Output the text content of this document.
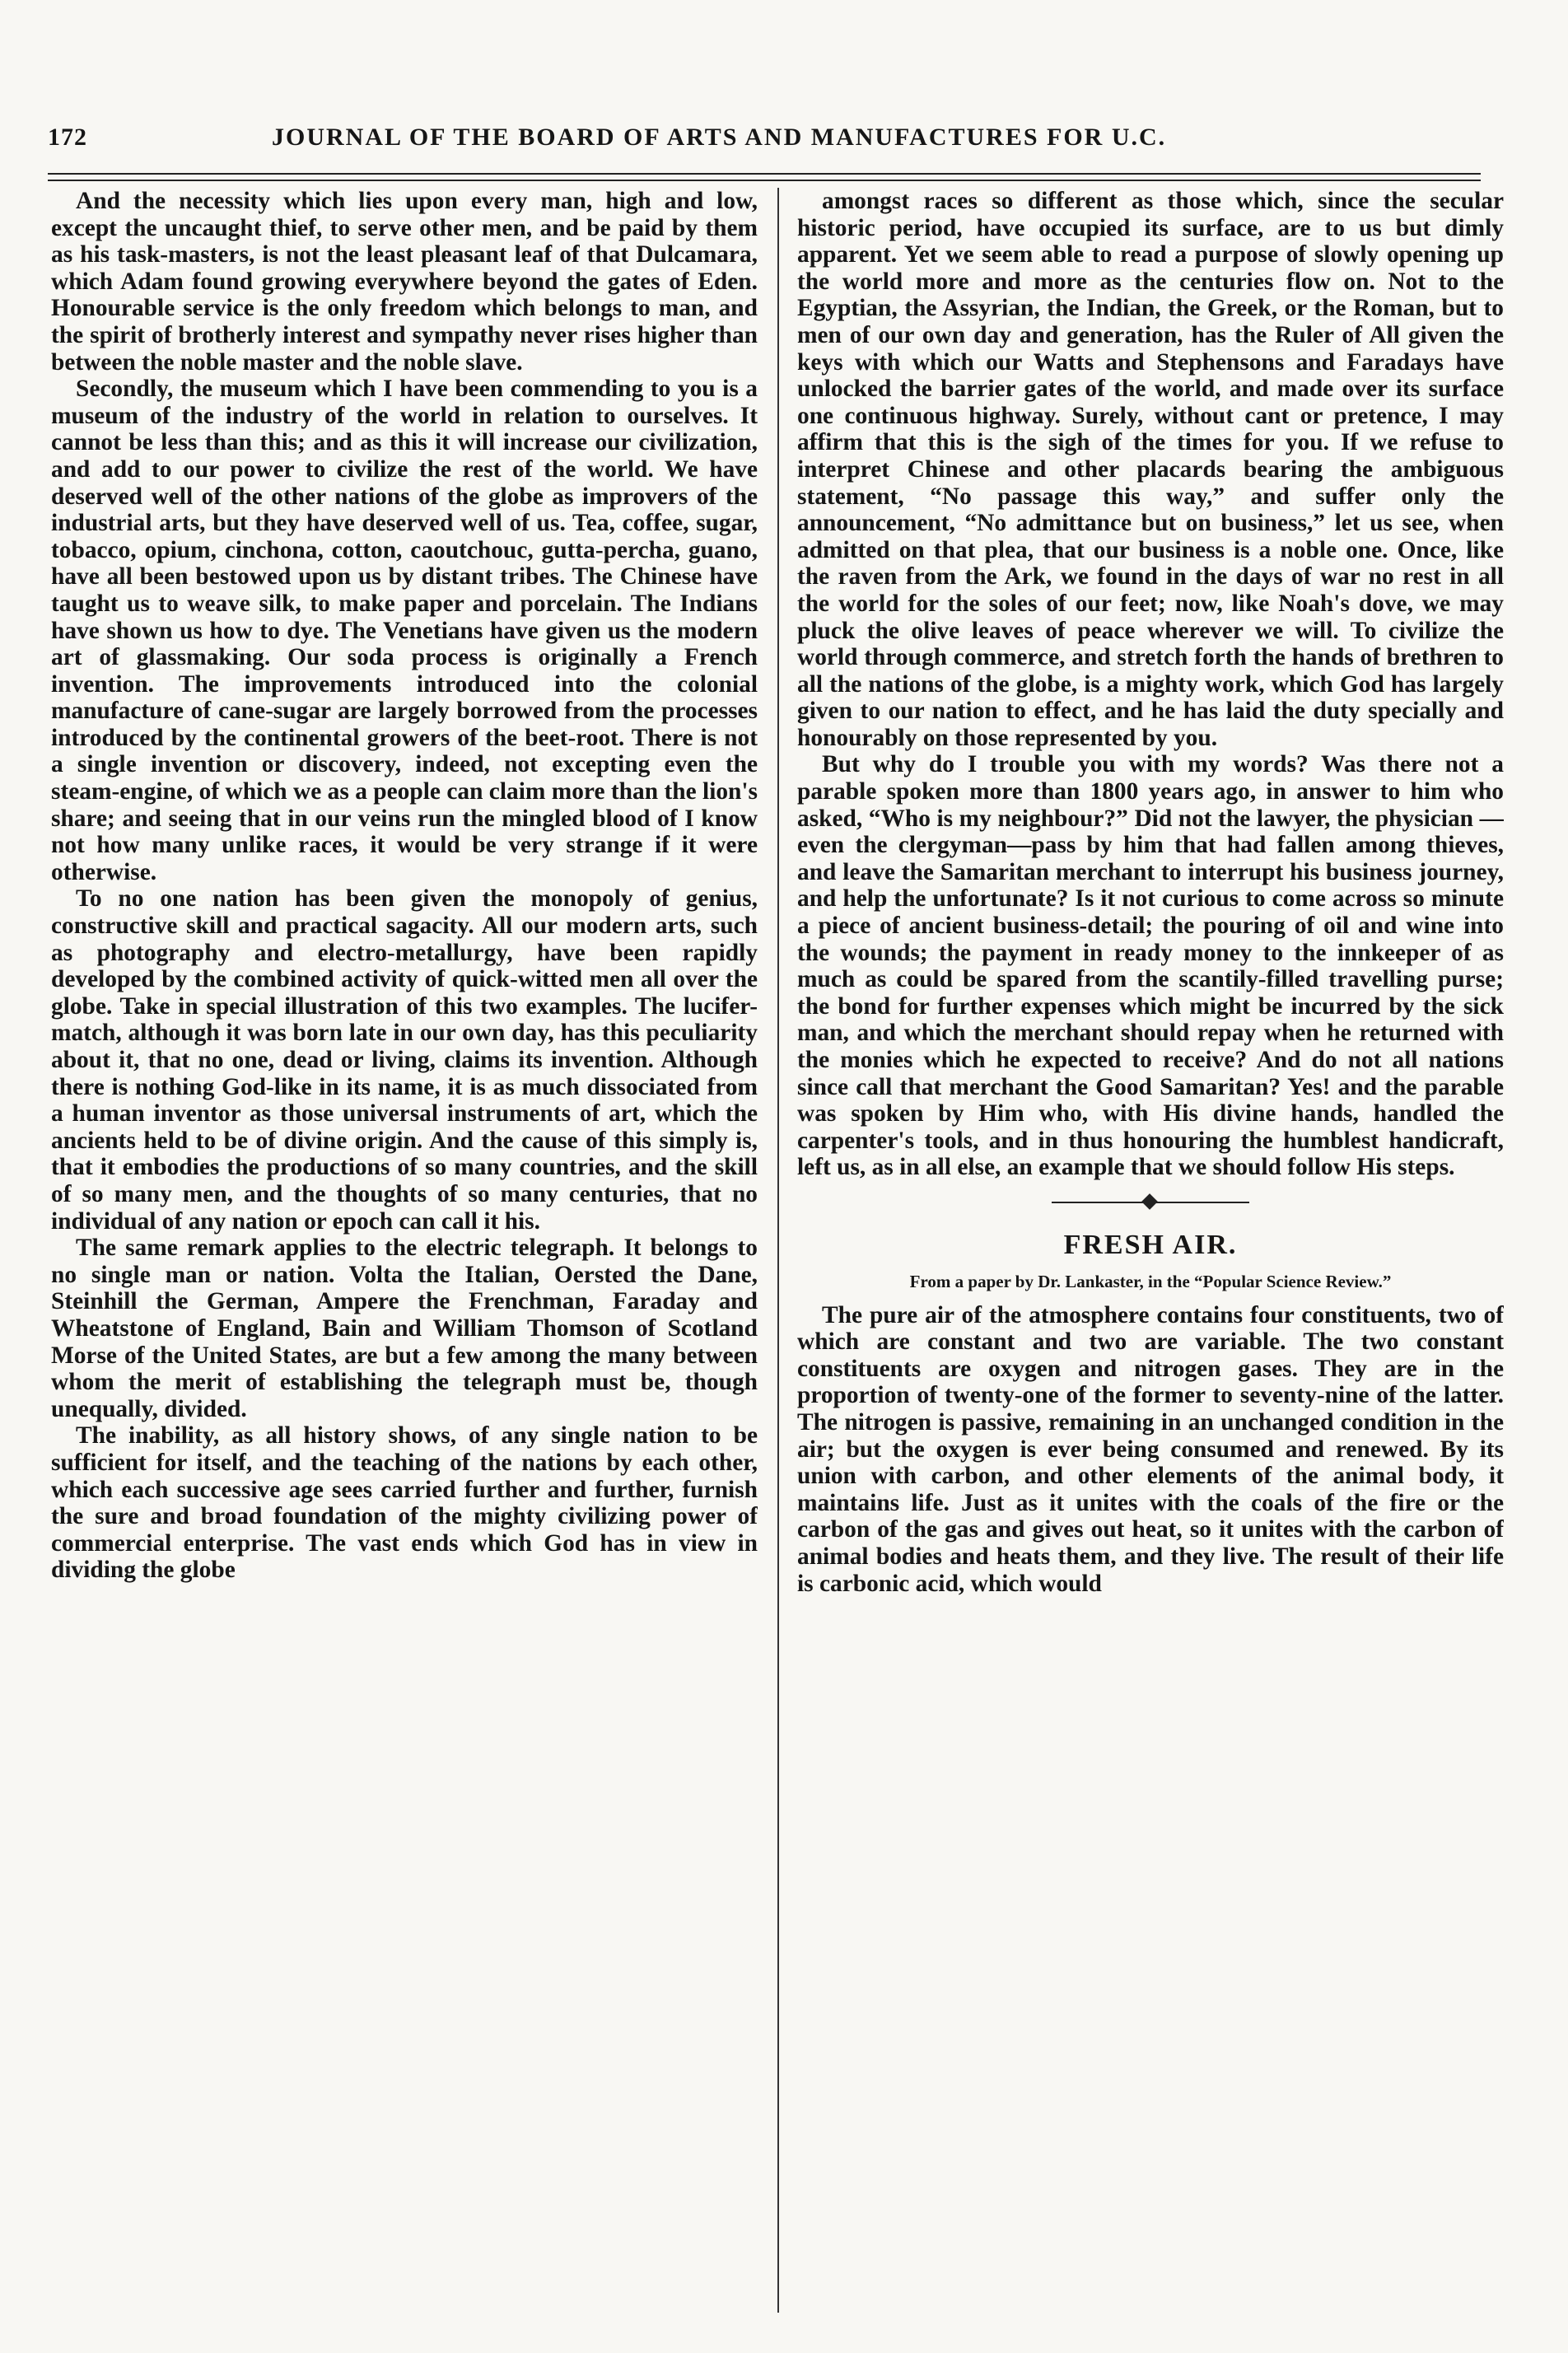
172	JOURNAL OF THE BOARD OF ARTS AND MANUFACTURES FOR U.C.

And the necessity which lies upon every man, high and low, except the uncaught thief, to serve other men, and be paid by them as his task-masters, is not the least pleasant leaf of that Dulcamara, which Adam found growing everywhere beyond the gates of Eden. Honourable service is the only freedom which belongs to man, and the spirit of brotherly interest and sympathy never rises higher than between the noble master and the noble slave.

Secondly, the museum which I have been commending to you is a museum of the industry of the world in relation to ourselves. It cannot be less than this; and as this it will increase our civilization, and add to our power to civilize the rest of the world. We have deserved well of the other nations of the globe as improvers of the industrial arts, but they have deserved well of us. Tea, coffee, sugar, tobacco, opium, cinchona, cotton, caoutchouc, gutta-percha, guano, have all been bestowed upon us by distant tribes. The Chinese have taught us to weave silk, to make paper and porcelain. The Indians have shown us how to dye. The Venetians have given us the modern art of glassmaking. Our soda process is originally a French invention. The improvements introduced into the colonial manufacture of cane-sugar are largely borrowed from the processes introduced by the continental growers of the beet-root. There is not a single invention or discovery, indeed, not excepting even the steam-engine, of which we as a people can claim more than the lion's share; and seeing that in our veins run the mingled blood of I know not how many unlike races, it would be very strange if it were otherwise.

To no one nation has been given the monopoly of genius, constructive skill and practical sagacity. All our modern arts, such as photography and electro-metallurgy, have been rapidly developed by the combined activity of quick-witted men all over the globe. Take in special illustration of this two examples. The lucifer-match, although it was born late in our own day, has this peculiarity about it, that no one, dead or living, claims its invention. Although there is nothing God-like in its name, it is as much dissociated from a human inventor as those universal instruments of art, which the ancients held to be of divine origin. And the cause of this simply is, that it embodies the productions of so many countries, and the skill of so many men, and the thoughts of so many centuries, that no individual of any nation or epoch can call it his.

The same remark applies to the electric telegraph. It belongs to no single man or nation. Volta the Italian, Oersted the Dane, Steinhill the German, Ampere the Frenchman, Faraday and Wheatstone of England, Bain and William Thomson of Scotland Morse of the United States, are but a few among the many between whom the merit of establishing the telegraph must be, though unequally, divided.

The inability, as all history shows, of any single nation to be sufficient for itself, and the teaching of the nations by each other, which each successive age sees carried further and further, furnish the sure and broad foundation of the mighty civilizing power of commercial enterprise. The vast ends which God has in view in dividing the globe

amongst races so different as those which, since the secular historic period, have occupied its surface, are to us but dimly apparent. Yet we seem able to read a purpose of slowly opening up the world more and more as the centuries flow on. Not to the Egyptian, the Assyrian, the Indian, the Greek, or the Roman, but to men of our own day and generation, has the Ruler of All given the keys with which our Watts and Stephensons and Faradays have unlocked the barrier gates of the world, and made over its surface one continuous highway. Surely, without cant or pretence, I may affirm that this is the sigh of the times for you. If we refuse to interpret Chinese and other placards bearing the ambiguous statement, “No passage this way,” and suffer only the announcement, “No admittance but on business,” let us see, when admitted on that plea, that our business is a noble one. Once, like the raven from the Ark, we found in the days of war no rest in all the world for the soles of our feet; now, like Noah's dove, we may pluck the olive leaves of peace wherever we will. To civilize the world through commerce, and stretch forth the hands of brethren to all the nations of the globe, is a mighty work, which God has largely given to our nation to effect, and he has laid the duty specially and honourably on those represented by you.

But why do I trouble you with my words? Was there not a parable spoken more than 1800 years ago, in answer to him who asked, “Who is my neighbour?” Did not the lawyer, the physician —even the clergyman—pass by him that had fallen among thieves, and leave the Samaritan merchant to interrupt his business journey, and help the unfortunate? Is it not curious to come across so minute a piece of ancient business-detail; the pouring of oil and wine into the wounds; the payment in ready money to the innkeeper of as much as could be spared from the scantily-filled travelling purse; the bond for further expenses which might be incurred by the sick man, and which the merchant should repay when he returned with the monies which he expected to receive? And do not all nations since call that merchant the Good Samaritan? Yes! and the parable was spoken by Him who, with His divine hands, handled the carpenter's tools, and in thus honouring the humblest handicraft, left us, as in all else, an example that we should follow His steps.

FRESH AIR.
From a paper by Dr. Lankaster, in the “Popular Science Review.”

The pure air of the atmosphere contains four constituents, two of which are constant and two are variable. The two constant constituents are oxygen and nitrogen gases. They are in the proportion of twenty-one of the former to seventy-nine of the latter. The nitrogen is passive, remaining in an unchanged condition in the air; but the oxygen is ever being consumed and renewed. By its union with carbon, and other elements of the animal body, it maintains life. Just as it unites with the coals of the fire or the carbon of the gas and gives out heat, so it unites with the carbon of animal bodies and heats them, and they live. The result of their life is carbonic acid, which would
